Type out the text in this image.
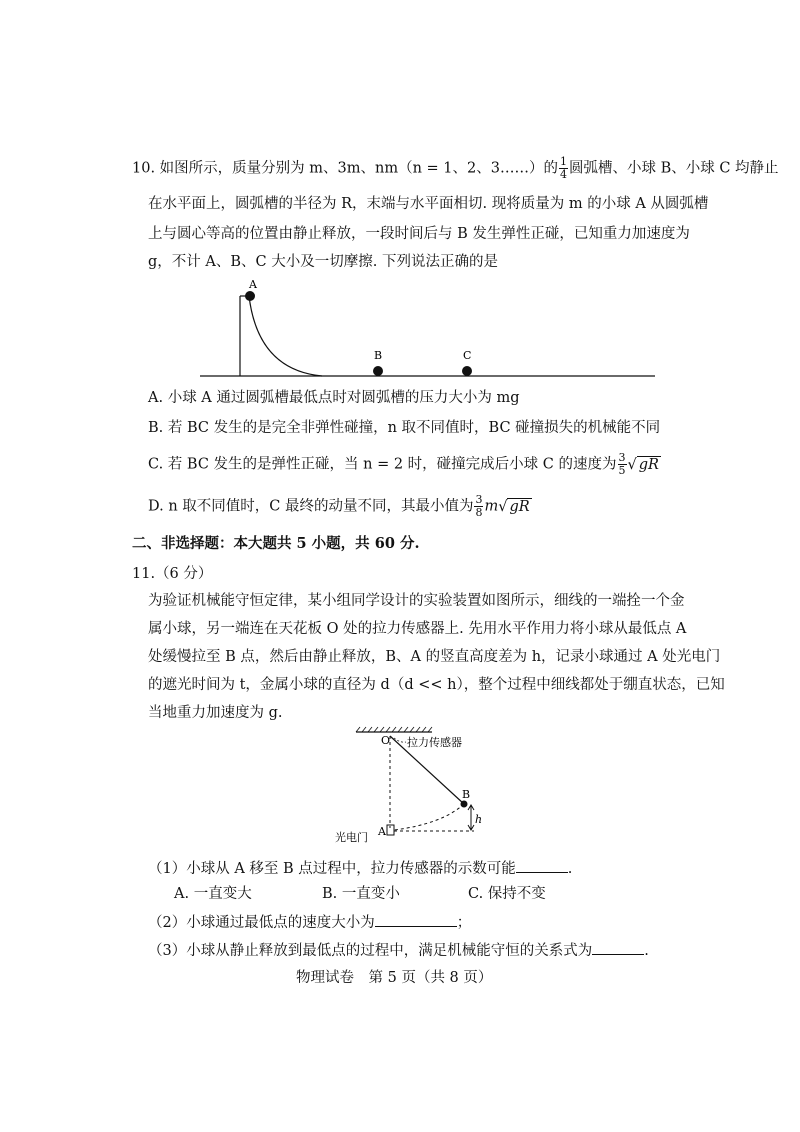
10. 如图所示，质量分别为 m、3m、nm（n = 1、2、3……）的 $\frac{1}{4}$ 圆弧槽、小球 B、小球 C 均静止
在水平面上，圆弧槽的半径为 R，末端与水平面相切. 现将质量为 m 的小球 A 从圆弧槽
上与圆心等高的位置由静止释放，一段时间后与 B 发生弹性正碰，已知重力加速度为
g，不计 A、B、C 大小及一切摩擦. 下列说法正确的是
A
B	C
A. 小球 A 通过圆弧槽最低点时对圆弧槽的压力大小为 mg
B. 若 BC 发生的是完全非弹性碰撞，n 取不同值时，BC 碰撞损失的机械能不同
C. 若 BC 发生的是弹性正碰，当 n = 2 时，碰撞完成后小球 C 的速度为 $\frac{3}{5}$ √ gR
D. n 取不同值时，C 最终的动量不同，其最小值为 $\frac{3}{8} m√$ gR
二、非选择题：本大题共 5 小题，共 60 分.
11.（6 分）
为验证机械能守恒定律，某小组同学设计的实验装置如图所示，细线的一端拴一个金
属小球，另一端连在天花板 O 处的拉力传感器上. 先用水平作用力将小球从最低点 A
处缓慢拉至 B 点，然后由静止释放，B、A 的竖直高度差为 h，记录小球通过 A 处光电门
的遮光时间为 t，金属小球的直径为 d（d << h），整个过程中细线都处于绷直状态，已知
当地重力加速度为 g.
O 拉力传感器
B
h
A
光电门
（1）小球从 A 移至 B 点过程中，拉力传感器的示数可能	.
A. 一直变大	B. 一直变小	C. 保持不变
（2）小球通过最低点的速度大小为	；
（3）小球从静止释放到最低点的过程中，满足机械能守恒的关系式为	.
物理试卷　第 5 页（共 8 页）
